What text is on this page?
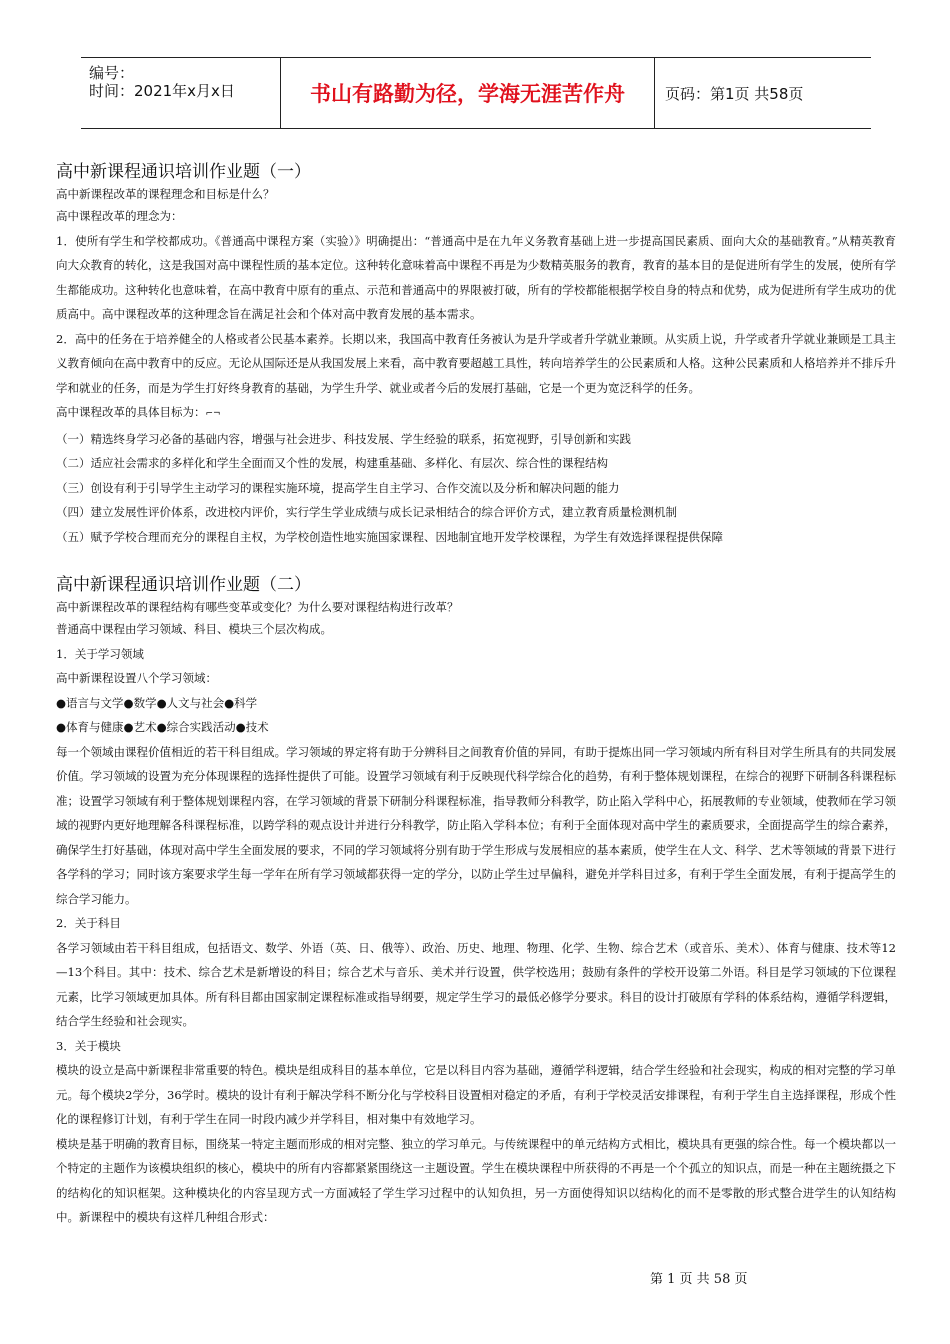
编号：
时间：2021年x月x日	书山有路勤为径，学海无涯苦作舟	页码：第1页 共58页
高中新课程通识培训作业题（一）

高中新课程改革的课程理念和目标是什么？

高中课程改革的理念为：

1．使所有学生和学校都成功。《普通高中课程方案（实验）》明确提出：“普通高中是在九年义务教育基础上进一步提高国民素质、面向大众的基础教育。”从精英教育向大众教育的转化，这是我国对高中课程性质的基本定位。这种转化意味着高中课程不再是为少数精英服务的教育，教育的基本目的是促进所有学生的发展，使所有学生都能成功。这种转化也意味着，在高中教育中原有的重点、示范和普通高中的界限被打破，所有的学校都能根据学校自身的特点和优势，成为促进所有学生成功的优质高中。高中课程改革的这种理念旨在满足社会和个体对高中教育发展的基本需求。

2．高中的任务在于培养健全的人格或者公民基本素养。长期以来，我国高中教育任务被认为是升学或者升学就业兼顾。从实质上说，升学或者升学就业兼顾是工具主义教育倾向在高中教育中的反应。无论从国际还是从我国发展上来看，高中教育要超越工具性，转向培养学生的公民素质和人格。这种公民素质和人格培养并不排斥升学和就业的任务，而是为学生打好终身教育的基础，为学生升学、就业或者今后的发展打基础，它是一个更为宽泛科学的任务。

高中课程改革的具体目标为：⌐¬

（一）精选终身学习必备的基础内容，增强与社会进步、科技发展、学生经验的联系，拓宽视野，引导创新和实践

（二）适应社会需求的多样化和学生全面而又个性的发展，构建重基础、多样化、有层次、综合性的课程结构

（三）创设有利于引导学生主动学习的课程实施环境，提高学生自主学习、合作交流以及分析和解决问题的能力

（四）建立发展性评价体系，改进校内评价，实行学生学业成绩与成长记录相结合的综合评价方式，建立教育质量检测机制

（五）赋予学校合理而充分的课程自主权，为学校创造性地实施国家课程、因地制宜地开发学校课程，为学生有效选择课程提供保障

高中新课程通识培训作业题（二）

高中新课程改革的课程结构有哪些变革或变化？为什么要对课程结构进行改革？

普通高中课程由学习领域、科目、模块三个层次构成。

1．关于学习领域

高中新课程设置八个学习领域：

●语言与文学●数学●人文与社会●科学

●体育与健康●艺术●综合实践活动●技术

每一个领域由课程价值相近的若干科目组成。学习领域的界定将有助于分辨科目之间教育价值的异同，有助于提炼出同一学习领域内所有科目对学生所具有的共同发展价值。学习领域的设置为充分体现课程的选择性提供了可能。设置学习领域有利于反映现代科学综合化的趋势，有利于整体规划课程，在综合的视野下研制各科课程标准；设置学习领域有利于整体规划课程内容，在学习领域的背景下研制分科课程标准，指导教师分科教学，防止陷入学科中心，拓展教师的专业领域，使教师在学习领域的视野内更好地理解各科课程标准，以跨学科的观点设计并进行分科教学，防止陷入学科本位；有利于全面体现对高中学生的素质要求，全面提高学生的综合素养，确保学生打好基础，体现对高中学生全面发展的要求，不同的学习领域将分别有助于学生形成与发展相应的基本素质，使学生在人文、科学、艺术等领域的背景下进行各学科的学习；同时该方案要求学生每一学年在所有学习领域都获得一定的学分，以防止学生过早偏科，避免并学科目过多，有利于学生全面发展，有利于提高学生的综合学习能力。

2．关于科目

各学习领域由若干科目组成，包括语文、数学、外语（英、日、俄等）、政治、历史、地理、物理、化学、生物、综合艺术（或音乐、美术）、体育与健康、技术等12—13个科目。其中：技术、综合艺术是新增设的科目；综合艺术与音乐、美术并行设置，供学校选用；鼓励有条件的学校开设第二外语。科目是学习领域的下位课程元素，比学习领域更加具体。所有科目都由国家制定课程标准或指导纲要，规定学生学习的最低必修学分要求。科目的设计打破原有学科的体系结构，遵循学科逻辑，结合学生经验和社会现实。

3．关于模块

模块的设立是高中新课程非常重要的特色。模块是组成科目的基本单位，它是以科目内容为基础，遵循学科逻辑，结合学生经验和社会现实，构成的相对完整的学习单元。每个模块2学分，36学时。模块的设计有利于解决学科不断分化与学校科目设置相对稳定的矛盾，有利于学校灵活安排课程，有利于学生自主选择课程，形成个性化的课程修订计划，有利于学生在同一时段内减少并学科目，相对集中有效地学习。

模块是基于明确的教育目标，围绕某一特定主题而形成的相对完整、独立的学习单元。与传统课程中的单元结构方式相比，模块具有更强的综合性。每一个模块都以一个特定的主题作为该模块组织的核心，模块中的所有内容都紧紧围绕这一主题设置。学生在模块课程中所获得的不再是一个个孤立的知识点，而是一种在主题统摄之下的结构化的知识框架。这种模块化的内容呈现方式一方面减轻了学生学习过程中的认知负担，另一方面使得知识以结构化的而不是零散的形式整合进学生的认知结构中。新课程中的模块有这样几种组合形式：

第 1 页 共 58 页
